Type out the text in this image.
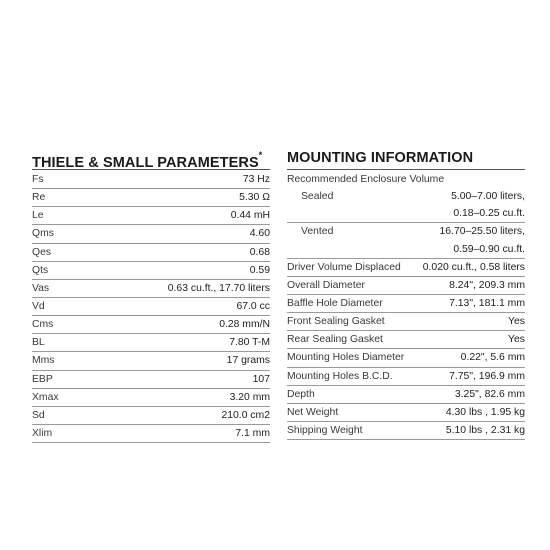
THIELE & SMALL PARAMETERS*
Fs	73 Hz
Re	5.30 Ω
Le	0.44 mH
Qms	4.60
Qes	0.68
Qts	0.59
Vas	0.63 cu.ft., 17.70 liters
Vd	67.0 cc
Cms	0.28 mm/N
BL	7.80 T-M
Mms	17 grams
EBP	107
Xmax	3.20 mm
Sd	210.0 cm2
Xlim	7.1 mm
MOUNTING INFORMATION
Recommended Enclosure Volume
Sealed	5.00–7.00 liters,
0.18–0.25 cu.ft.
Vented	16.70–25.50 liters,
0.59–0.90 cu.ft.
Driver Volume Displaced 0.020 cu.ft., 0.58 liters
Overall Diameter	8.24", 209.3 mm
Baffle Hole Diameter	7.13", 181.1 mm
Front Sealing Gasket	Yes
Rear Sealing Gasket	Yes
Mounting Holes Diameter	0.22", 5.6 mm
Mounting Holes B.C.D.	7.75", 196.9 mm
Depth	3.25", 82.6 mm
Net Weight	4.30 lbs , 1.95 kg
Shipping Weight	5.10 lbs , 2.31 kg
